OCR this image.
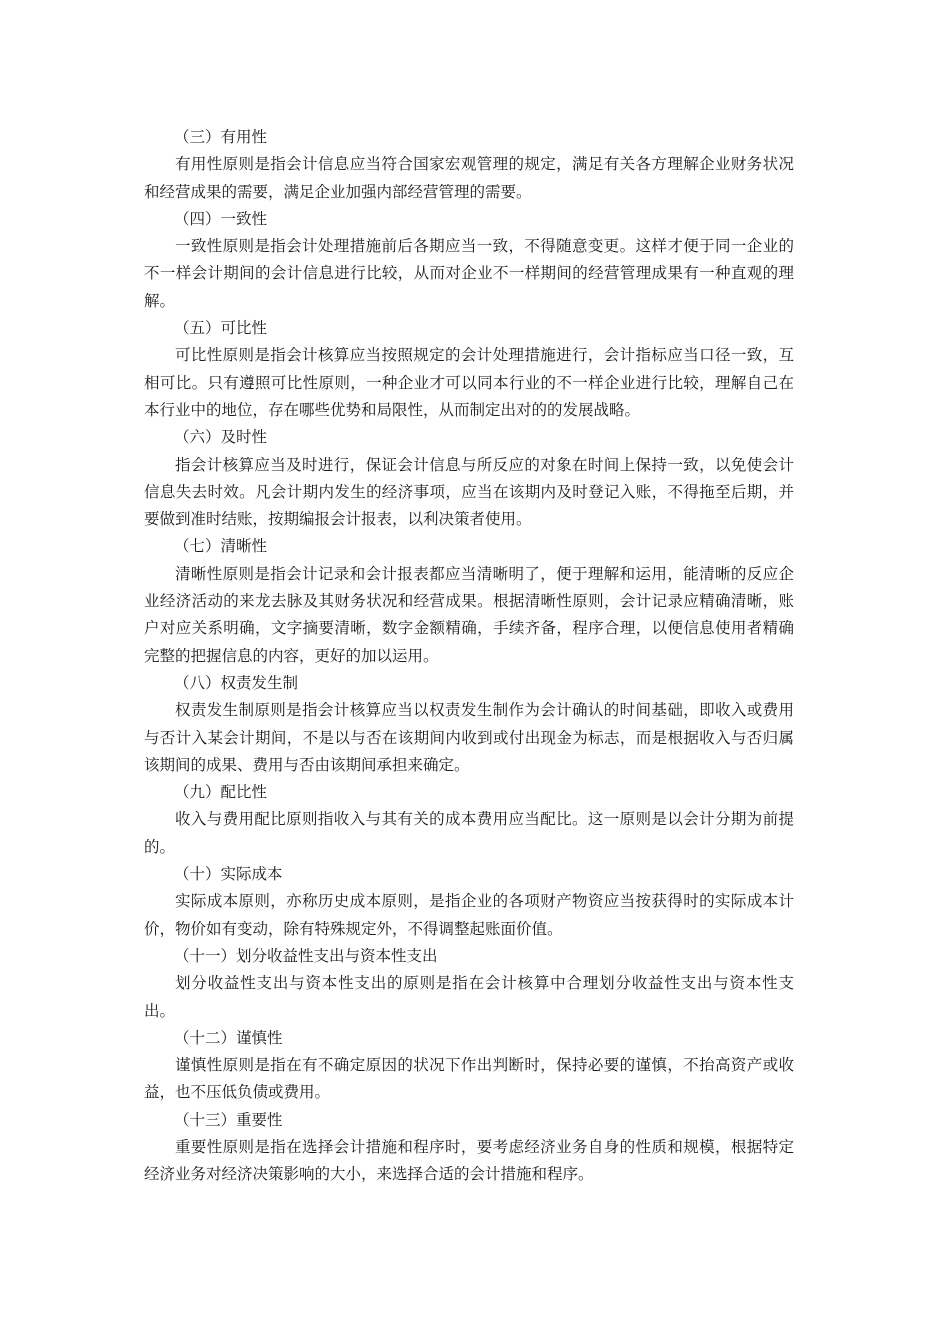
（三）有用性

有用性原则是指会计信息应当符合国家宏观管理的规定，满足有关各方理解企业财务状况和经营成果的需要，满足企业加强内部经营管理的需要。

（四）一致性

一致性原则是指会计处理措施前后各期应当一致，不得随意变更。这样才便于同一企业的不一样会计期间的会计信息进行比较，从而对企业不一样期间的经营管理成果有一种直观的理解。

（五）可比性

可比性原则是指会计核算应当按照规定的会计处理措施进行，会计指标应当口径一致，互相可比。只有遵照可比性原则，一种企业才可以同本行业的不一样企业进行比较，理解自己在本行业中的地位，存在哪些优势和局限性，从而制定出对的的发展战略。

（六）及时性

指会计核算应当及时进行，保证会计信息与所反应的对象在时间上保持一致，以免使会计信息失去时效。凡会计期内发生的经济事项，应当在该期内及时登记入账，不得拖至后期，并要做到准时结账，按期编报会计报表，以利决策者使用。

（七）清晰性

清晰性原则是指会计记录和会计报表都应当清晰明了，便于理解和运用，能清晰的反应企业经济活动的来龙去脉及其财务状况和经营成果。根据清晰性原则，会计记录应精确清晰，账户对应关系明确，文字摘要清晰，数字金额精确，手续齐备，程序合理，以便信息使用者精确完整的把握信息的内容，更好的加以运用。

（八）权责发生制

权责发生制原则是指会计核算应当以权责发生制作为会计确认的时间基础，即收入或费用与否计入某会计期间，不是以与否在该期间内收到或付出现金为标志，而是根据收入与否归属该期间的成果、费用与否由该期间承担来确定。

（九）配比性

收入与费用配比原则指收入与其有关的成本费用应当配比。这一原则是以会计分期为前提的。

（十）实际成本

实际成本原则，亦称历史成本原则，是指企业的各项财产物资应当按获得时的实际成本计价，物价如有变动，除有特殊规定外，不得调整起账面价值。

（十一）划分收益性支出与资本性支出

划分收益性支出与资本性支出的原则是指在会计核算中合理划分收益性支出与资本性支出。

（十二）谨慎性

谨慎性原则是指在有不确定原因的状况下作出判断时，保持必要的谨慎，不抬高资产或收益，也不压低负债或费用。

（十三）重要性

重要性原则是指在选择会计措施和程序时，要考虑经济业务自身的性质和规模，根据特定经济业务对经济决策影响的大小，来选择合适的会计措施和程序。
